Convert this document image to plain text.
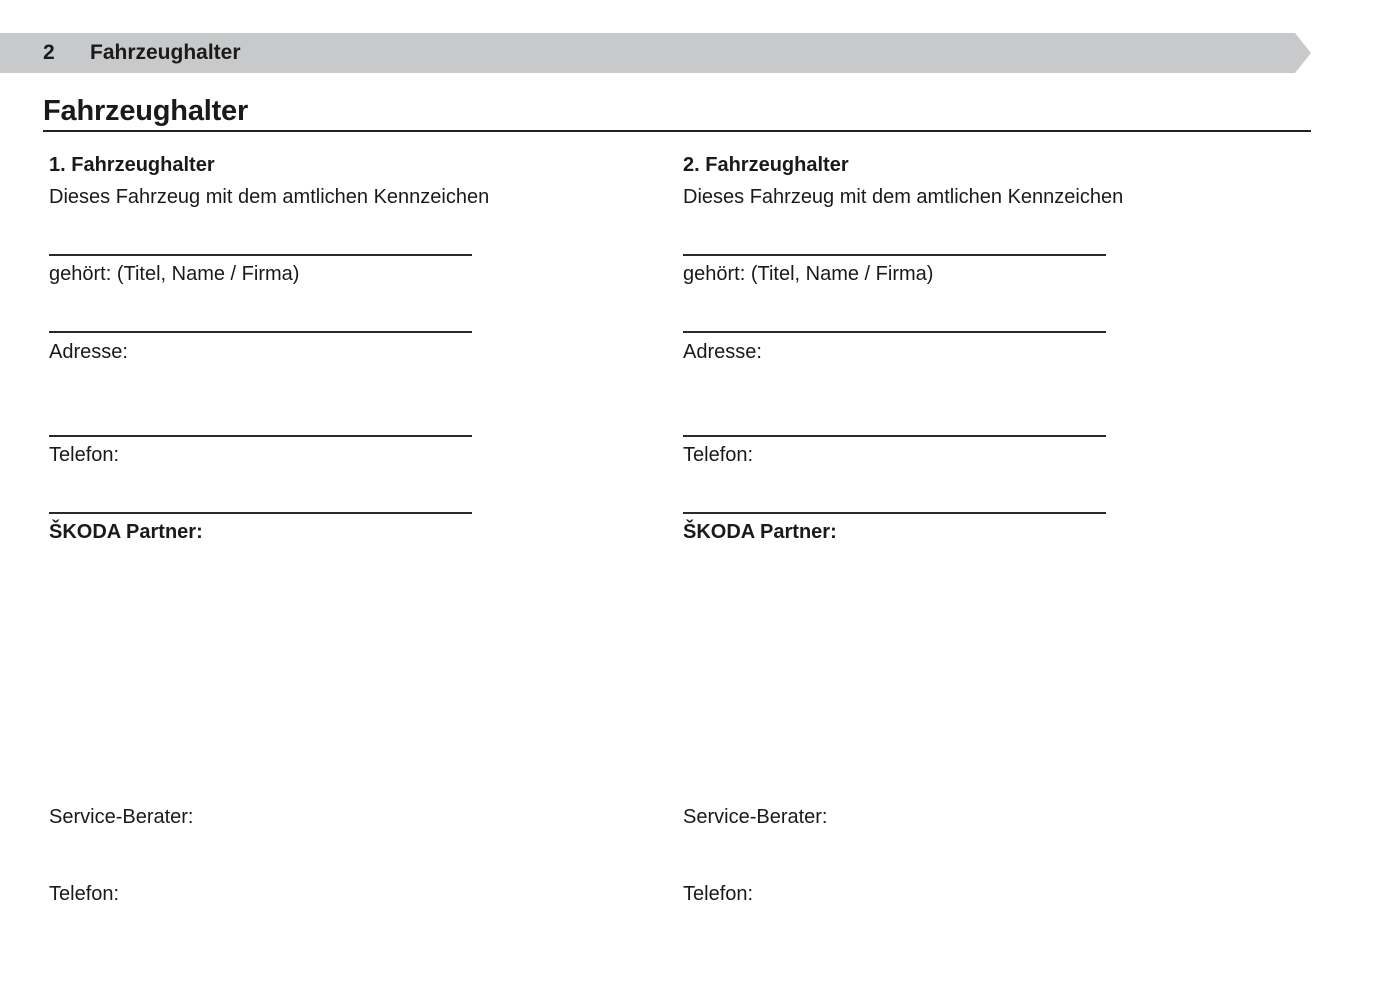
2 Fahrzeughalter
Fahrzeughalter
1. Fahrzeughalter
Dieses Fahrzeug mit dem amtlichen Kennzeichen
gehört: (Titel, Name / Firma)
Adresse:
Telefon:
ŠKODA Partner:
Service-Berater:
Telefon:
2. Fahrzeughalter
Dieses Fahrzeug mit dem amtlichen Kennzeichen
gehört: (Titel, Name / Firma)
Adresse:
Telefon:
ŠKODA Partner:
Service-Berater:
Telefon:
